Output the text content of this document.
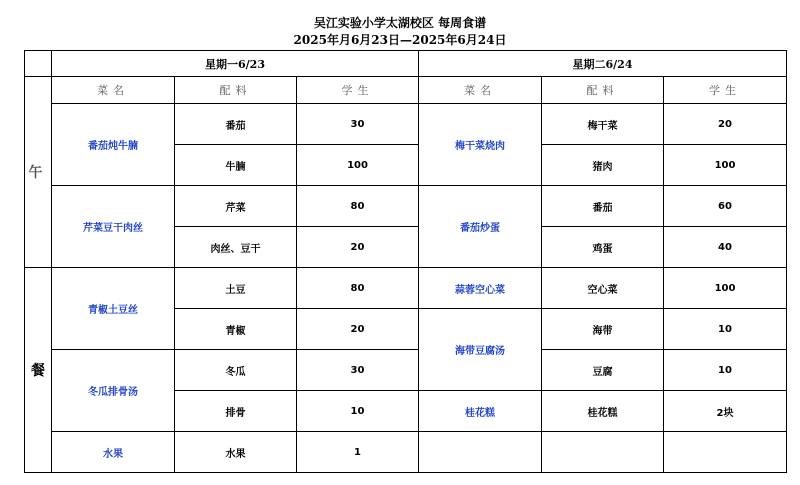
吴江实验小学太湖校区 每周食谱
2025年月6月23日—2025年6月24日
	星期一6/23			星期二6/24		
午	菜名	配料	学生	菜名	配料	学生
	番茄炖牛腩	番茄	30	梅干菜烧肉	梅干菜	20
		牛腩	100		猪肉	100
	芹菜豆干肉丝	芹菜	80	番茄炒蛋	番茄	60
		肉丝、豆干	20		鸡蛋	40
餐	青椒土豆丝	土豆	80	蒜蓉空心菜	空心菜	100
		青椒	20	海带豆腐汤	海带	10
	冬瓜排骨汤	冬瓜	30		豆腐	10
		排骨	10	桂花糕	桂花糕	2块
	水果	水果	1			
